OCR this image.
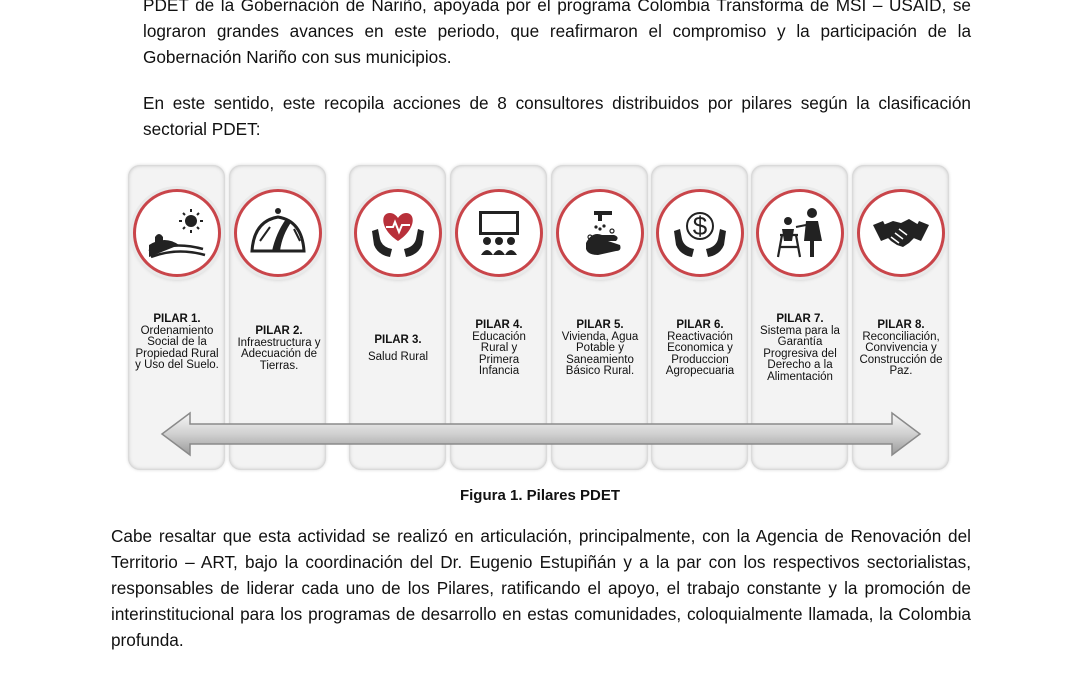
PDET de la Gobernación de Nariño, apoyada por el programa Colombia Transforma de MSI – USAID, se lograron grandes avances en este periodo, que reafirmaron el compromiso y la participación de la Gobernación Nariño con sus municipios.

En este sentido, este recopila acciones de 8 consultores distribuidos por pilares según la clasificación sectorial PDET:

$
PILAR 1.
Ordenamiento Social de la Propiedad Rural y Uso del Suelo.
PILAR 2.
Infraestructura y Adecuación de Tierras.
PILAR 3.
Salud Rural
PILAR 4.
Educación Rural y Primera Infancia
PILAR 5.
Vivienda, Agua Potable y Saneamiento Básico Rural.
PILAR 6.
Reactivación Economica y Produccion Agropecuaria
PILAR 7.
Sistema para la Garantía Progresiva del Derecho a la Alimentación
PILAR 8.
Reconciliación, Convivencia y Construcción de Paz.
Figura 1. Pilares PDET

Cabe resaltar que esta actividad se realizó en articulación, principalmente, con la Agencia de Renovación del Territorio – ART, bajo la coordinación del Dr. Eugenio Estupiñán y a la par con los respectivos sectorialistas, responsables de liderar cada uno de los Pilares, ratificando el apoyo, el trabajo constante y la promoción de interinstitucional para los programas de desarrollo en estas comunidades, coloquialmente llamada, la Colombia profunda.
